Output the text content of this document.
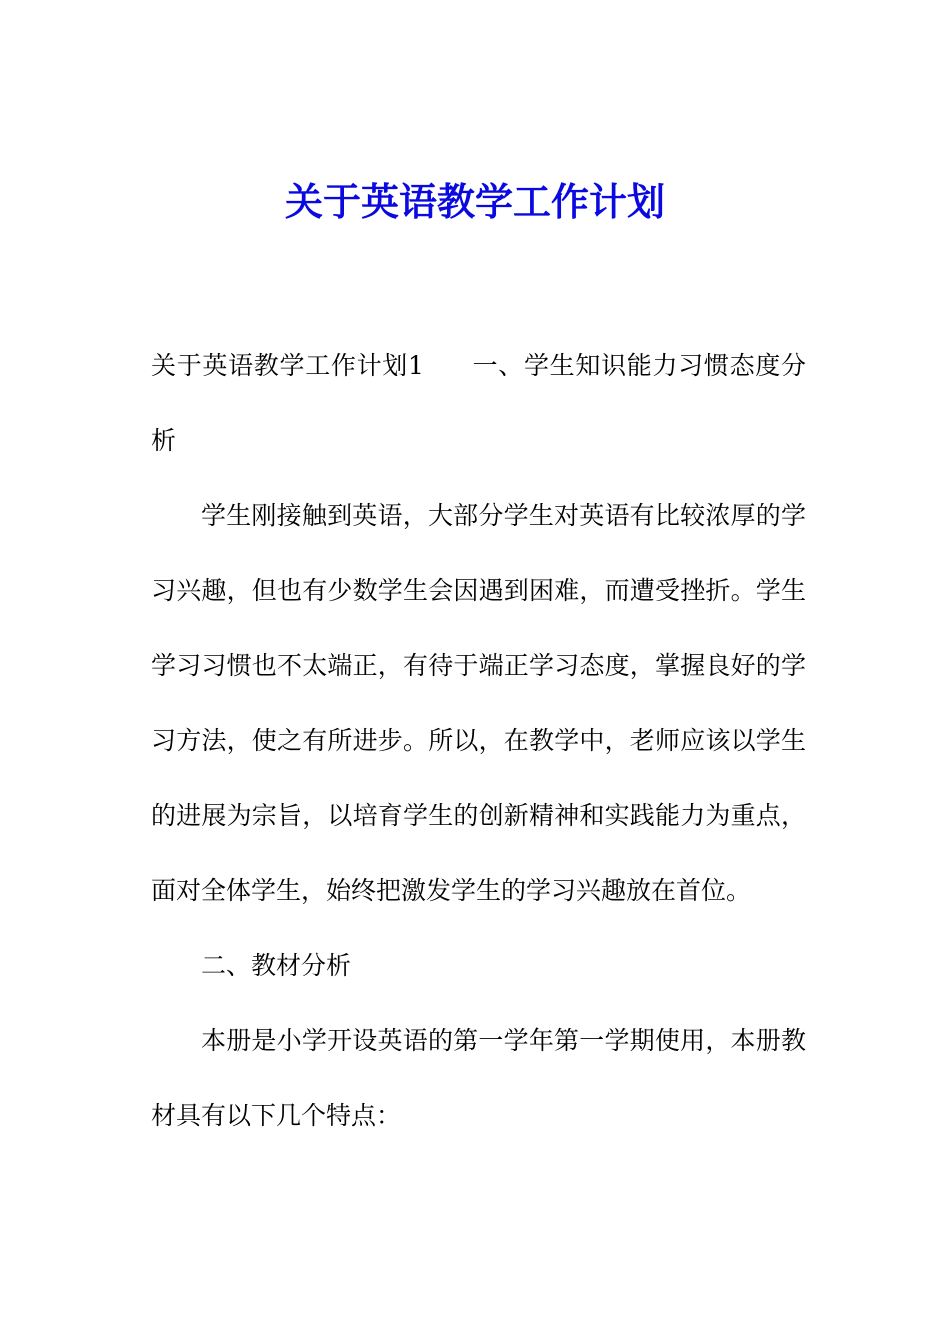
关于英语教学工作计划

关于英语教学工作计划1 一、学生知识能力习惯态度分析

学生刚接触到英语，大部分学生对英语有比较浓厚的学习兴趣，但也有少数学生会因遇到困难，而遭受挫折。学生学习习惯也不太端正，有待于端正学习态度，掌握良好的学习方法，使之有所进步。所以，在教学中，老师应该以学生的进展为宗旨，以培育学生的创新精神和实践能力为重点，面对全体学生，始终把激发学生的学习兴趣放在首位。

二、教材分析

本册是小学开设英语的第一学年第一学期使用，本册教材具有以下几个特点：
